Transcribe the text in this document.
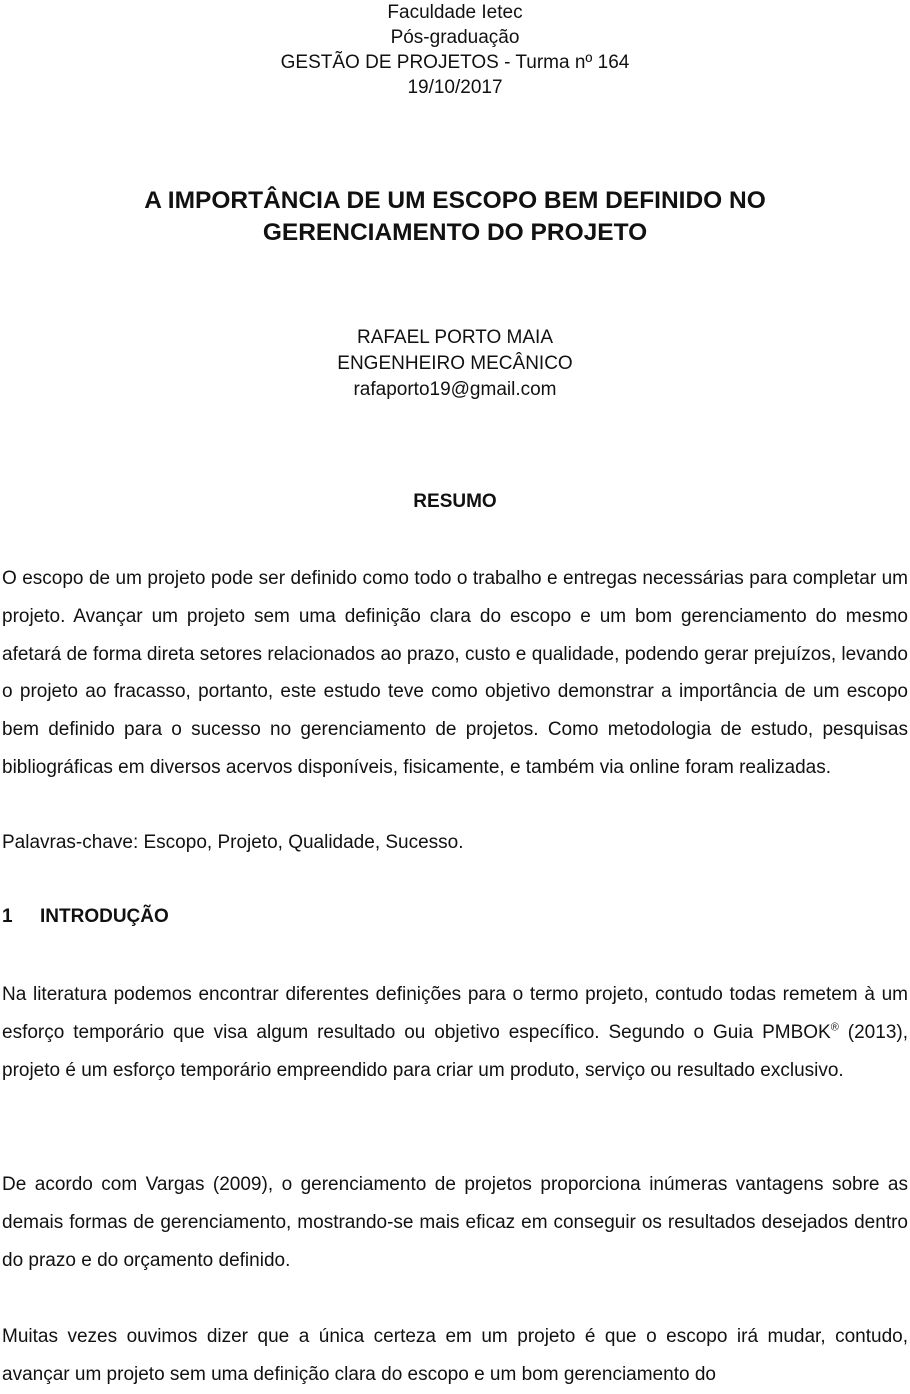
Faculdade Ietec
Pós-graduação
GESTÃO DE PROJETOS - Turma nº 164
19/10/2017
A IMPORTÂNCIA DE UM ESCOPO BEM DEFINIDO NO
GERENCIAMENTO DO PROJETO
RAFAEL PORTO MAIA
ENGENHEIRO MECÂNICO
rafaporto19@gmail.com
RESUMO

O escopo de um projeto pode ser definido como todo o trabalho e entregas necessárias para completar um projeto. Avançar um projeto sem uma definição clara do escopo e um bom gerenciamento do mesmo afetará de forma direta setores relacionados ao prazo, custo e qualidade, podendo gerar prejuízos, levando o projeto ao fracasso, portanto, este estudo teve como objetivo demonstrar a importância de um escopo bem definido para o sucesso no gerenciamento de projetos. Como metodologia de estudo, pesquisas bibliográficas em diversos acervos disponíveis, fisicamente, e também via online foram realizadas.

Palavras-chave: Escopo, Projeto, Qualidade, Sucesso.

1 INTRODUÇÃO

Na literatura podemos encontrar diferentes definições para o termo projeto, contudo todas remetem à um esforço temporário que visa algum resultado ou objetivo específico. Segundo o Guia PMBOK® (2013), projeto é um esforço temporário empreendido para criar um produto, serviço ou resultado exclusivo.

De acordo com Vargas (2009), o gerenciamento de projetos proporciona inúmeras vantagens sobre as demais formas de gerenciamento, mostrando-se mais eficaz em conseguir os resultados desejados dentro do prazo e do orçamento definido.

Muitas vezes ouvimos dizer que a única certeza em um projeto é que o escopo irá mudar, contudo, avançar um projeto sem uma definição clara do escopo e um bom gerenciamento do
